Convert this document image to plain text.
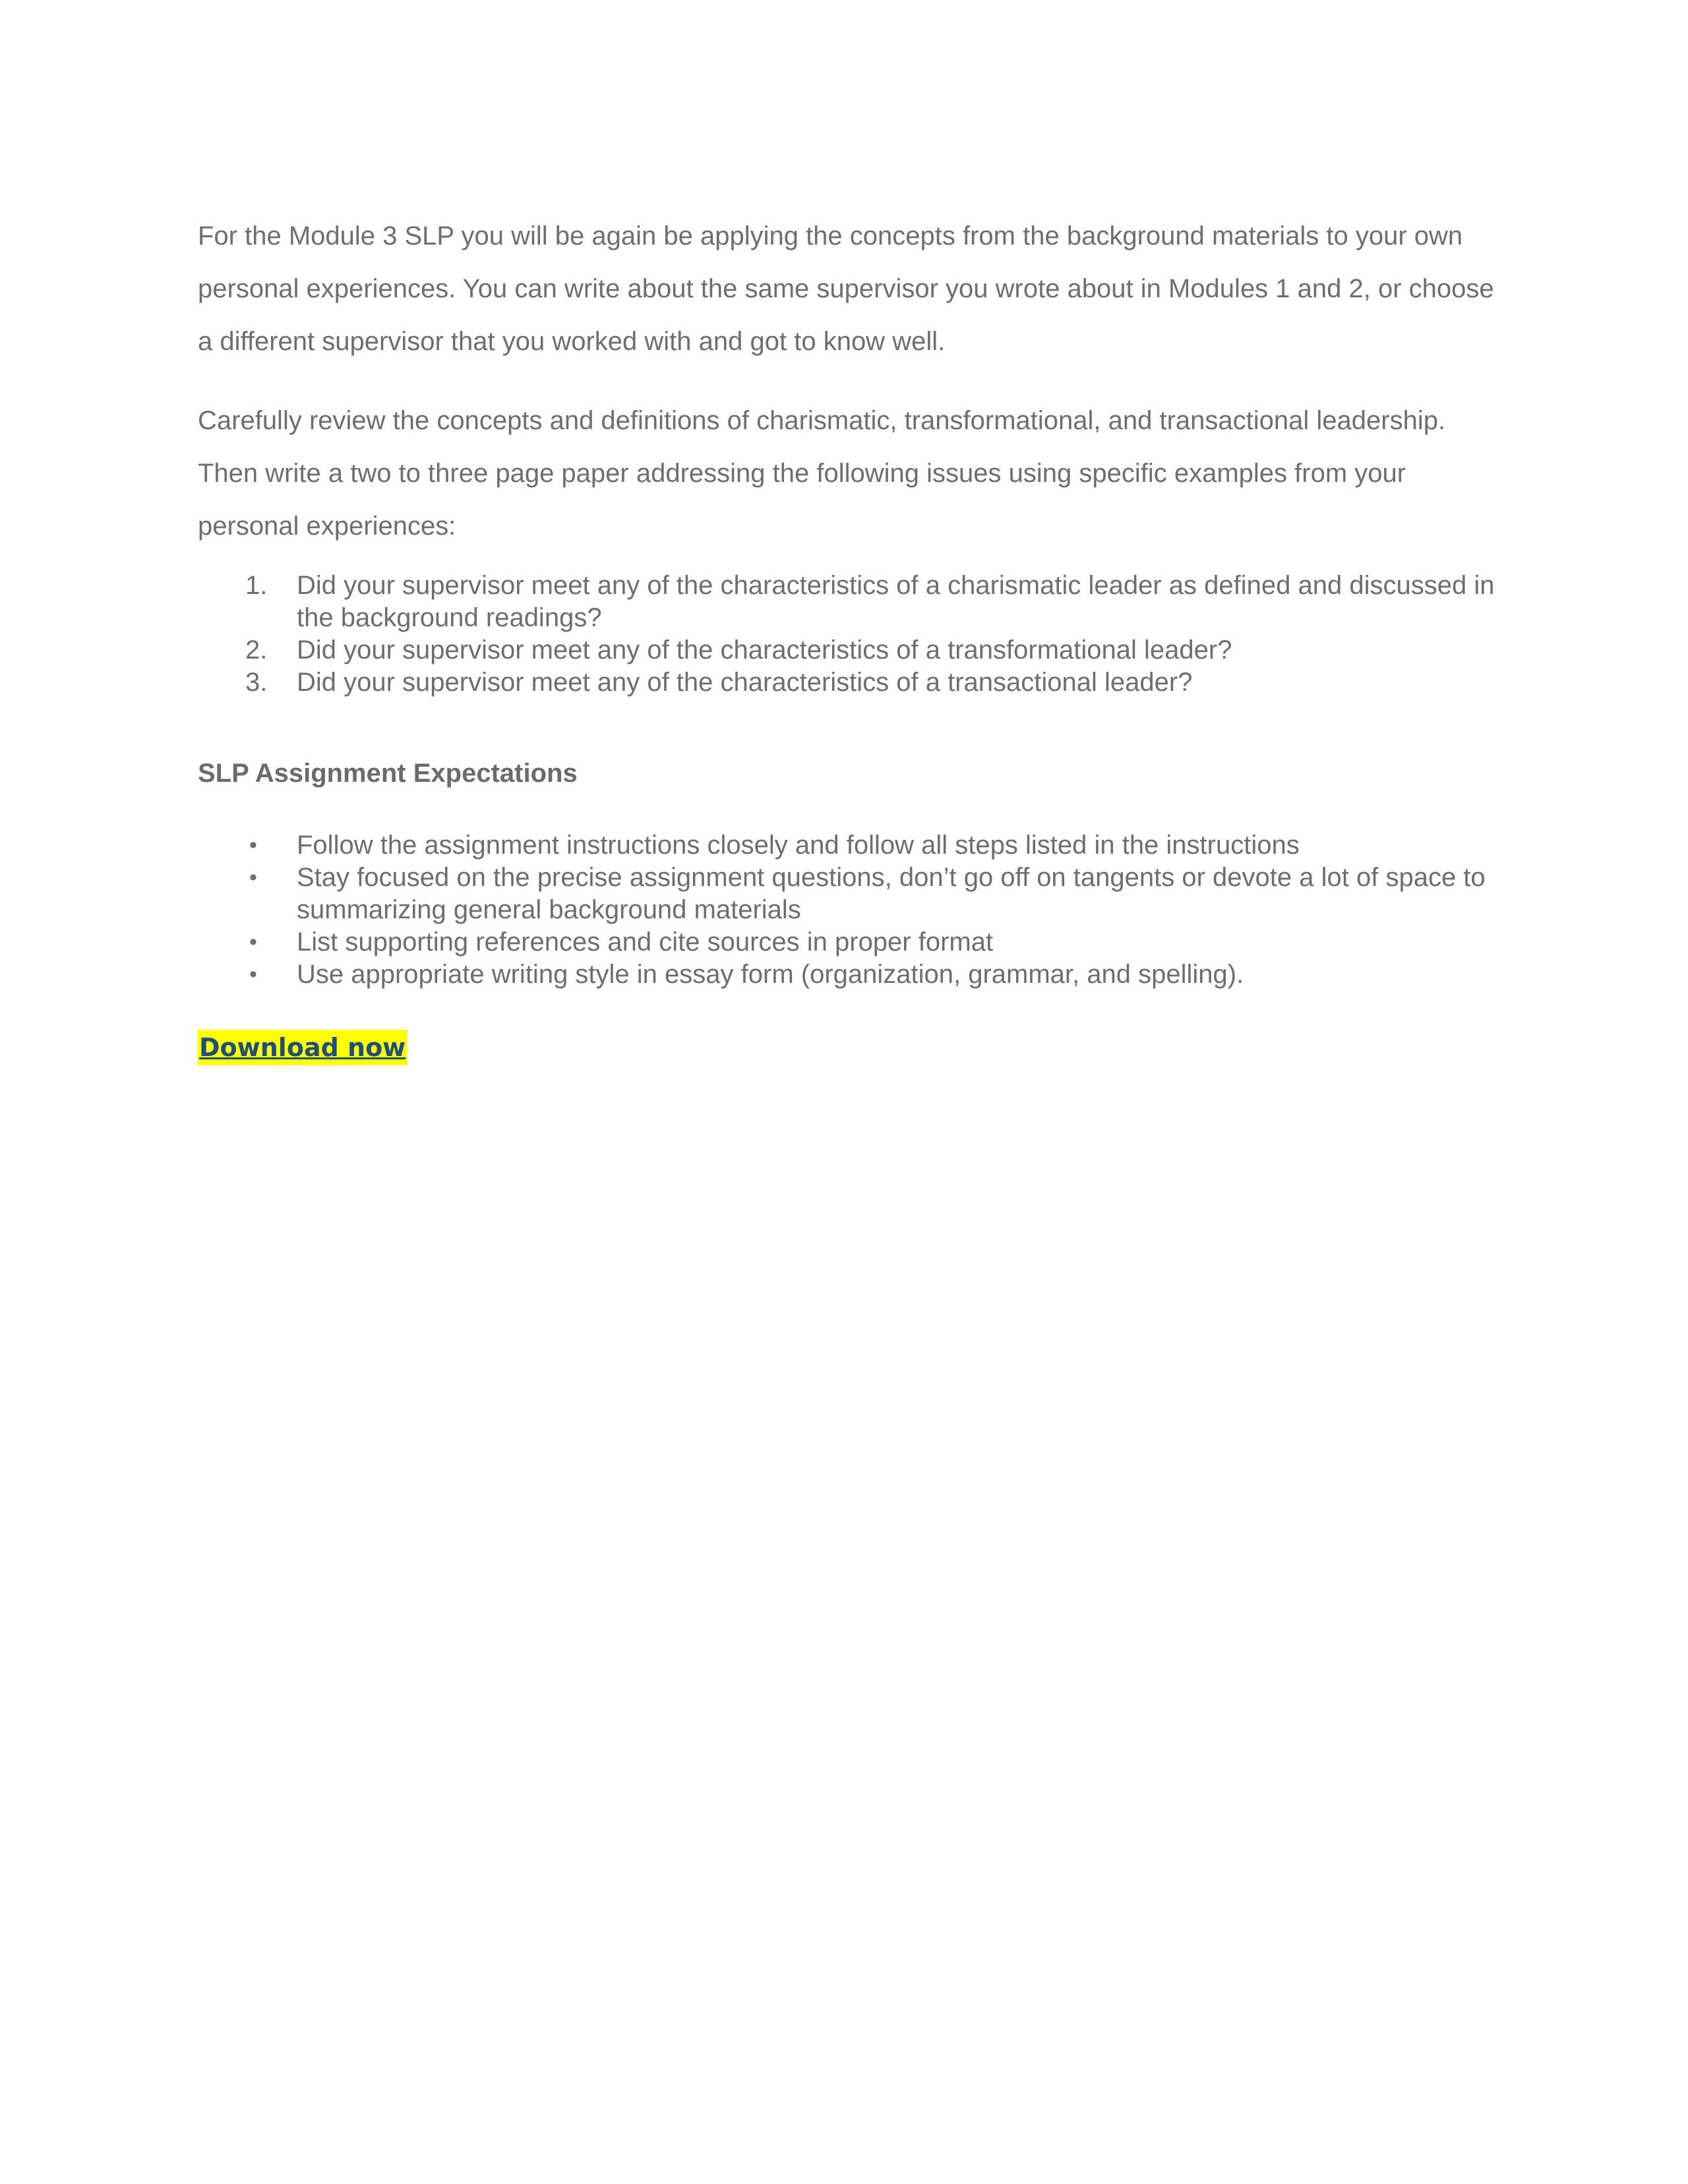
For the Module 3 SLP you will be again be applying the concepts from the background materials to your own personal experiences. You can write about the same supervisor you wrote about in Modules 1 and 2, or choose a different supervisor that you worked with and got to know well.

Carefully review the concepts and definitions of charismatic, transformational, and transactional leadership. Then write a two to three page paper addressing the following issues using specific examples from your personal experiences:

1.	Did your supervisor meet any of the characteristics of a charismatic leader as defined and discussed in the background readings?
2.	Did your supervisor meet any of the characteristics of a transformational leader?
3.	Did your supervisor meet any of the characteristics of a transactional leader?
SLP Assignment Expectations
•	Follow the assignment instructions closely and follow all steps listed in the instructions
•	Stay focused on the precise assignment questions, don’t go off on tangents or devote a lot of space to summarizing general background materials
•	List supporting references and cite sources in proper format
•	Use appropriate writing style in essay form (organization, grammar, and spelling).
Download now
